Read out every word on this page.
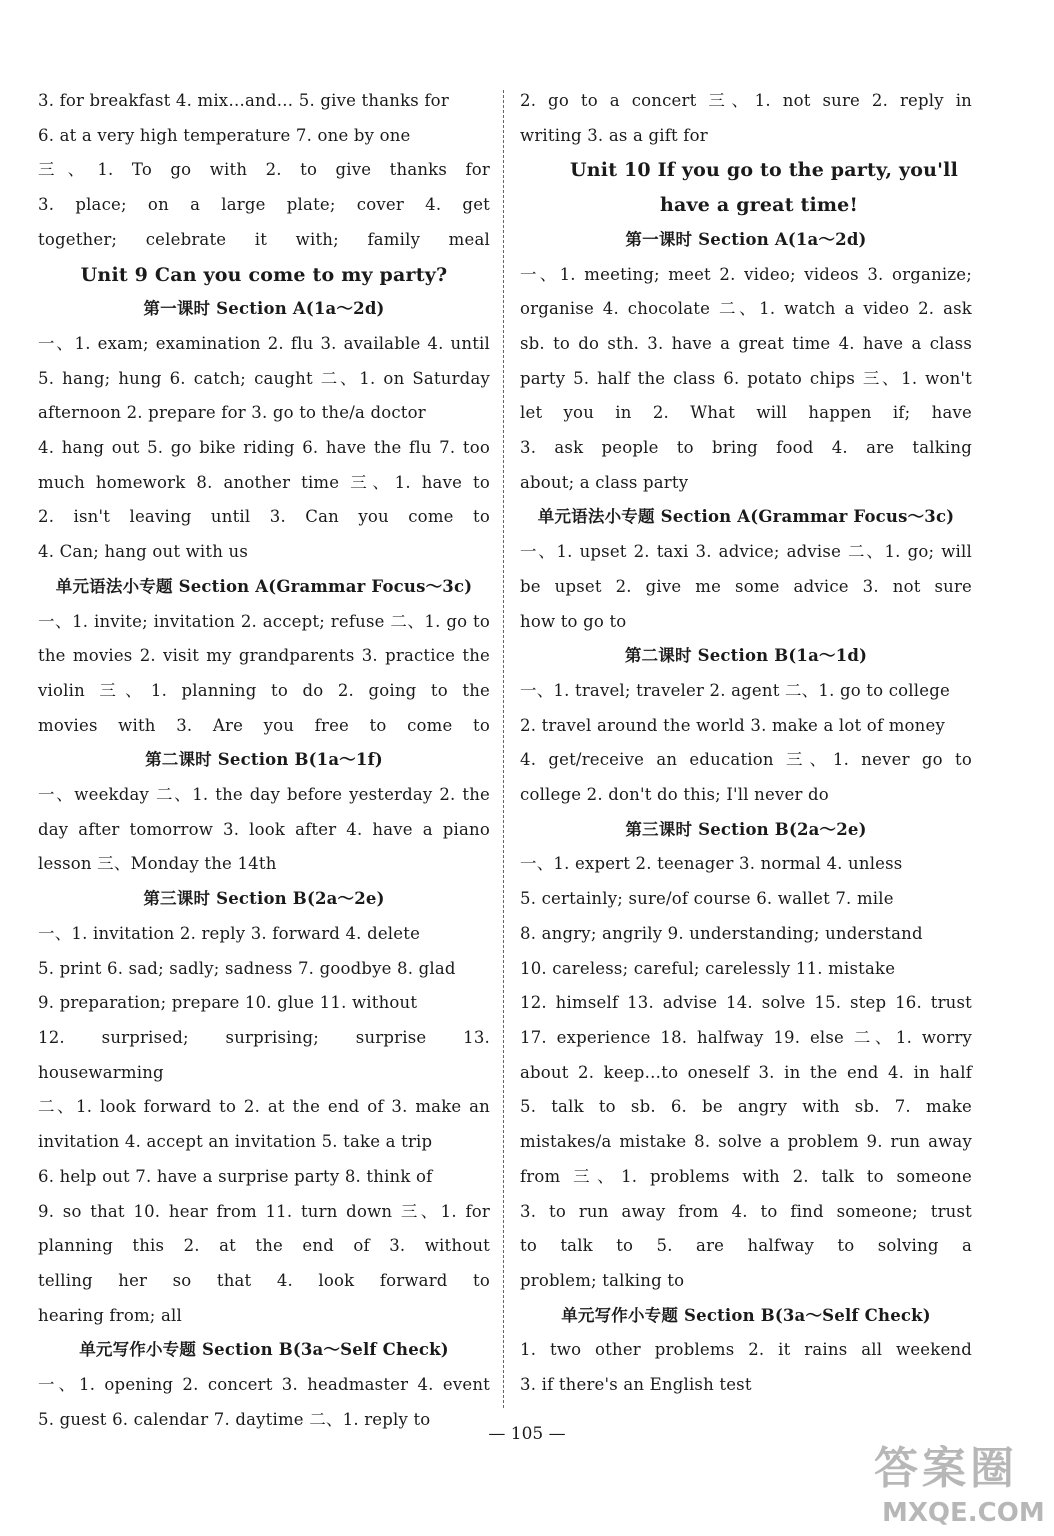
3. for breakfast 4. mix…and… 5. give thanks for
6. at a very high temperature 7. one by one
三、1. To go with 2. to give thanks for
3. place; on a large plate; cover 4. get
together; celebrate it with; family meal
Unit 9 Can you come to my party?
第一课时 Section A(1a～2d)
一、1. exam; examination 2. flu 3. available 4. until
5. hang; hung 6. catch; caught 二、1. on Saturday
afternoon 2. prepare for 3. go to the/a doctor
4. hang out 5. go bike riding 6. have the flu 7. too
much homework 8. another time 三、1. have to
2. isn't leaving until 3. Can you come to
4. Can; hang out with us
单元语法小专题 Section A(Grammar Focus～3c)
一、1. invite; invitation 2. accept; refuse 二、1. go to
the movies 2. visit my grandparents 3. practice the
violin 三、1. planning to do 2. going to the
movies with 3. Are you free to come to
第二课时 Section B(1a～1f)
一、weekday 二、1. the day before yesterday 2. the
day after tomorrow 3. look after 4. have a piano
lesson 三、Monday the 14th
第三课时 Section B(2a～2e)
一、1. invitation 2. reply 3. forward 4. delete
5. print 6. sad; sadly; sadness 7. goodbye 8. glad
9. preparation; prepare 10. glue 11. without
12. surprised; surprising; surprise 13. housewarming
二、1. look forward to 2. at the end of 3. make an
invitation 4. accept an invitation 5. take a trip
6. help out 7. have a surprise party 8. think of
9. so that 10. hear from 11. turn down 三、1. for
planning this 2. at the end of 3. without
telling her so that 4. look forward to
hearing from; all
单元写作小专题 Section B(3a～Self Check)
一、1. opening 2. concert 3. headmaster 4. event
5. guest 6. calendar 7. daytime 二、1. reply to
2. go to a concert 三、1. not sure 2. reply in
writing 3. as a gift for
Unit 10 If you go to the party, you'll
have a great time!
第一课时 Section A(1a～2d)
一、1. meeting; meet 2. video; videos 3. organize;
organise 4. chocolate 二、1. watch a video 2. ask
sb. to do sth. 3. have a great time 4. have a class
party 5. half the class 6. potato chips 三、1. won't
let you in 2. What will happen if; have
3. ask people to bring food 4. are talking
about; a class party
单元语法小专题 Section A(Grammar Focus～3c)
一、1. upset 2. taxi 3. advice; advise 二、1. go; will
be upset 2. give me some advice 3. not sure
how to go to
第二课时 Section B(1a～1d)
一、1. travel; traveler 2. agent 二、1. go to college
2. travel around the world 3. make a lot of money
4. get/receive an education 三、1. never go to
college 2. don't do this; I'll never do
第三课时 Section B(2a～2e)
一、1. expert 2. teenager 3. normal 4. unless
5. certainly; sure/of course 6. wallet 7. mile
8. angry; angrily 9. understanding; understand
10. careless; careful; carelessly 11. mistake
12. himself 13. advise 14. solve 15. step 16. trust
17. experience 18. halfway 19. else 二、1. worry
about 2. keep…to oneself 3. in the end 4. in half
5. talk to sb. 6. be angry with sb. 7. make
mistakes/a mistake 8. solve a problem 9. run away
from 三、1. problems with 2. talk to someone
3. to run away from 4. to find someone; trust
to talk to 5. are halfway to solving a
problem; talking to
单元写作小专题 Section B(3a～Self Check)
1. two other problems 2. it rains all weekend
3. if there's an English test
— 105 —
答案圈
MXQE.COM
